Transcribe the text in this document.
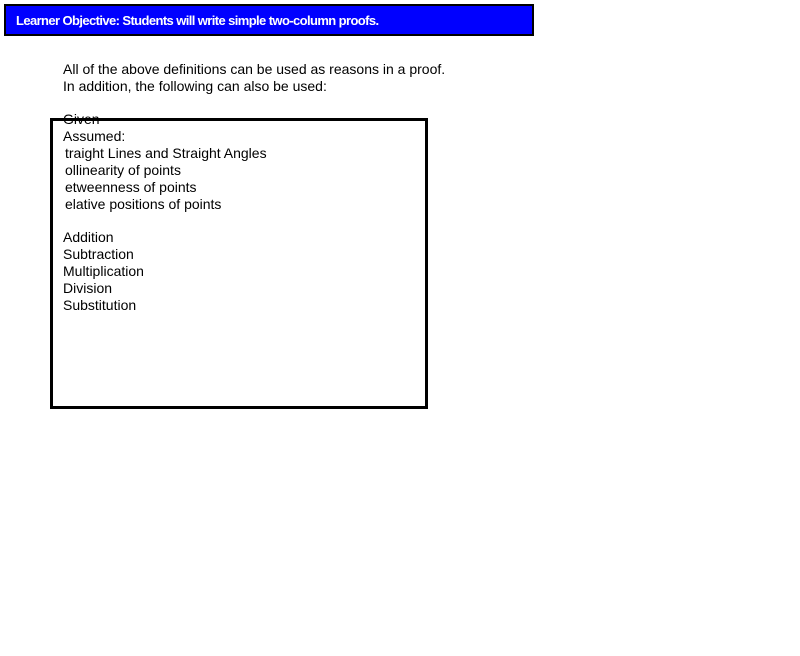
Learner Objective: Students will write simple two-column proofs.
All of the above definitions can be used as reasons in a proof.
In addition, the following can also be used:
Given
Assumed:
traight Lines and Straight Angles
ollinearity of points
etweenness of points
elative positions of points
Addition
Subtraction
Multiplication
Division
Substitution
